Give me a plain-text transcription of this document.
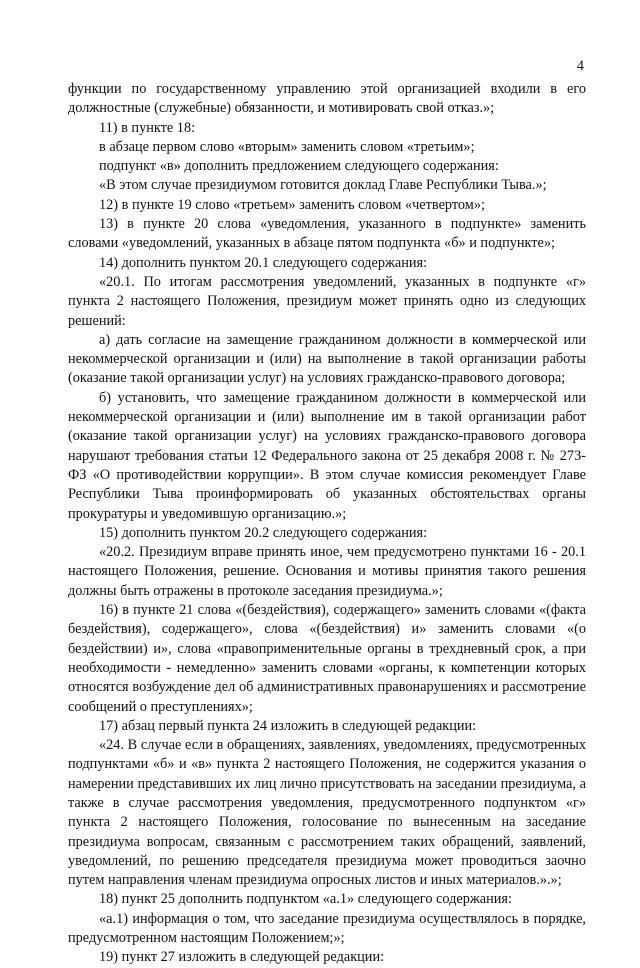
4

функции по государственному управлению этой организацией входили в его должностные (служебные) обязанности, и мотивировать свой отказ.»;

11) в пункте 18:

в абзаце первом слово «вторым» заменить словом «третьим»;

подпункт «в» дополнить предложением следующего содержания:

«В этом случае президиумом готовится доклад Главе Республики Тыва.»;

12) в пункте 19 слово «третьем» заменить словом «четвертом»;

13) в пункте 20 слова «уведомления, указанного в подпункте» заменить словами «уведомлений, указанных в абзаце пятом подпункта «б» и подпункте»;

14) дополнить пунктом 20.1 следующего содержания:

«20.1. По итогам рассмотрения уведомлений, указанных в подпункте «г» пункта 2 настоящего Положения, президиум может принять одно из следующих решений:

а) дать согласие на замещение гражданином должности в коммерческой или некоммерческой организации и (или) на выполнение в такой организации работы (оказание такой организации услуг) на условиях гражданско-правового договора;

б) установить, что замещение гражданином должности в коммерческой или некоммерческой организации и (или) выполнение им в такой организации работ (оказание такой организации услуг) на условиях гражданско-правового договора нарушают требования статьи 12 Федерального закона от 25 декабря 2008 г. № 273-ФЗ «О противодействии коррупции». В этом случае комиссия рекомендует Главе Республики Тыва проинформировать об указанных обстоятельствах органы прокуратуры и уведомившую организацию.»;

15) дополнить пунктом 20.2 следующего содержания:

«20.2. Президиум вправе принять иное, чем предусмотрено пунктами 16 - 20.1 настоящего Положения, решение. Основания и мотивы принятия такого решения должны быть отражены в протоколе заседания президиума.»;

16) в пункте 21 слова «(бездействия), содержащего» заменить словами «(факта бездействия), содержащего», слова «(бездействия) и» заменить словами «(о бездействии) и», слова «правоприменительные органы в трехдневный срок, а при необходимости - немедленно» заменить словами «органы, к компетенции которых относятся возбуждение дел об административных правонарушениях и рассмотрение сообщений о преступлениях»;

17) абзац первый пункта 24 изложить в следующей редакции:

«24. В случае если в обращениях, заявлениях, уведомлениях, предусмотренных подпунктами «б» и «в» пункта 2 настоящего Положения, не содержится указания о намерении представивших их лиц лично присутствовать на заседании президиума, а также в случае рассмотрения уведомления, предусмотренного подпунктом «г» пункта 2 настоящего Положения, голосование по вынесенным на заседание президиума вопросам, связанным с рассмотрением таких обращений, заявлений, уведомлений, по решению председателя президиума может проводиться заочно путем направления членам президиума опросных листов и иных материалов.».»;

18) пункт 25 дополнить подпунктом «а.1» следующего содержания:

«а.1) информация о том, что заседание президиума осуществлялось в порядке, предусмотренном настоящим Положением;»;

19) пункт 27 изложить в следующей редакции:
